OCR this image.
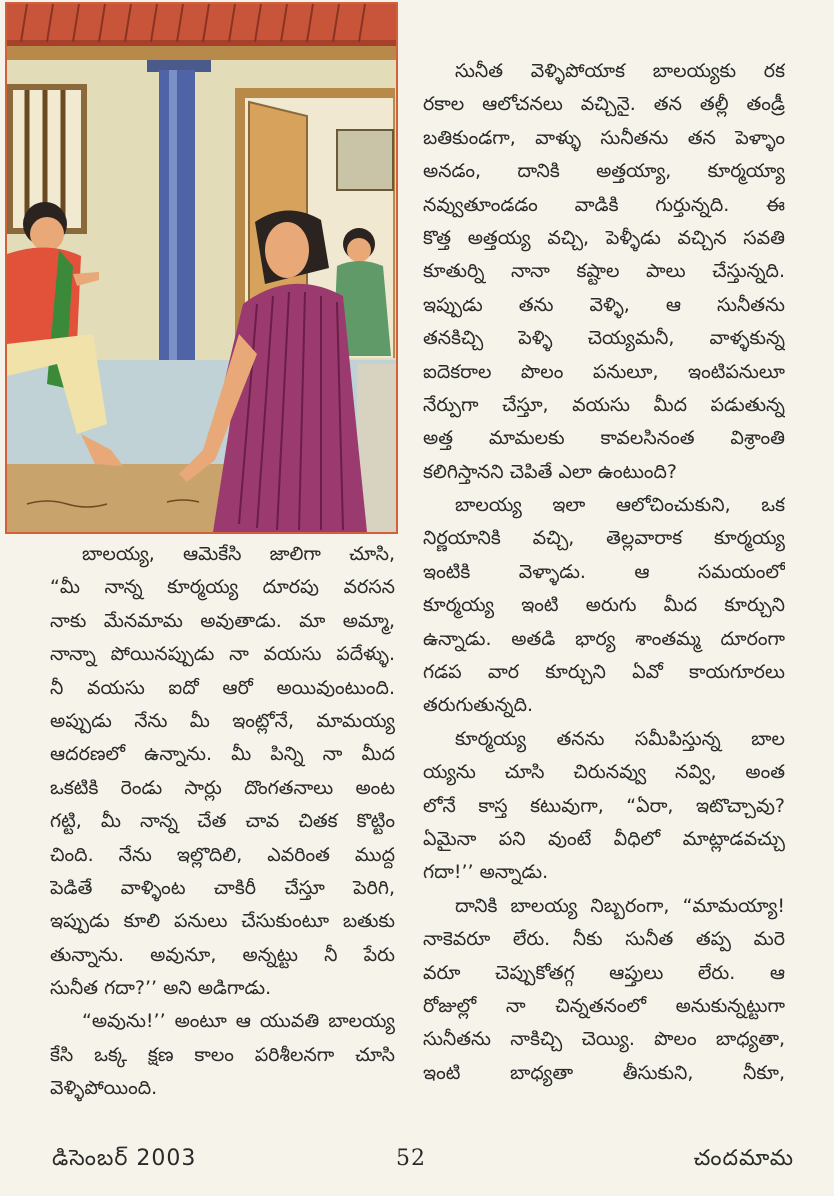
బాలయ్య, ఆమెకేసి జాలిగా చూసి,
“మీ నాన్న కూర్మయ్య దూరపు వరసన
నాకు మేనమామ అవుతాడు. మా అమ్మా,
నాన్నా పోయినప్పుడు నా వయసు పదేళ్ళు.
నీ వయసు ఐదో ఆరో అయివుంటుంది.
అప్పుడు నేను మీ ఇంట్లోనే, మామయ్య
ఆదరణలో ఉన్నాను. మీ పిన్ని నా మీద
ఒకటికి రెండు సార్లు దొంగతనాలు అంట
గట్టి, మీ నాన్న చేత చావ చితక కొట్టిం
చింది. నేను ఇల్లొదిలి, ఎవరింత ముద్ద
పెడితే వాళ్ళింట చాకిరీ చేస్తూ పెరిగి,
ఇప్పుడు కూలి పనులు చేసుకుంటూ బతుకు
తున్నాను. అవునూ, అన్నట్టు నీ పేరు
సునీత గదా?’’ అని అడిగాడు.
“అవును!’’ అంటూ ఆ యువతి బాలయ్య
కేసి ఒక్క క్షణ కాలం పరిశీలనగా చూసి
వెళ్ళిపోయింది.
సునీత వెళ్ళిపోయాక బాలయ్యకు రక
రకాల ఆలోచనలు వచ్చినై. తన తల్లీ తండ్రీ
బతికుండగా, వాళ్ళు సునీతను తన పెళ్ళాం
అనడం, దానికి అత్తయ్యా, కూర్మయ్యా
నవ్వుతూండడం వాడికి గుర్తున్నది. ఈ
కొత్త అత్తయ్య వచ్చి, పెళ్ళీడు వచ్చిన సవతి
కూతుర్ని నానా కష్టాల పాలు చేస్తున్నది.
ఇప్పుడు తను వెళ్ళి, ఆ సునీతను
తనకిచ్చి పెళ్ళి చెయ్యమనీ, వాళ్ళకున్న
ఐదెకరాల పొలం పనులూ, ఇంటిపనులూ
నేర్పుగా చేస్తూ, వయసు మీద పడుతున్న
అత్త మామలకు కావలసినంత విశ్రాంతి
కలిగిస్తానని చెపితే ఎలా ఉంటుంది?
బాలయ్య ఇలా ఆలోచించుకుని, ఒక
నిర్ణయానికి వచ్చి, తెల్లవారాక కూర్మయ్య
ఇంటికి వెళ్ళాడు. ఆ సమయంలో
కూర్మయ్య ఇంటి అరుగు మీద కూర్చుని
ఉన్నాడు. అతడి భార్య శాంతమ్మ దూరంగా
గడప వార కూర్చుని ఏవో కాయగూరలు
తరుగుతున్నది.
కూర్మయ్య తనను సమీపిస్తున్న బాల
య్యను చూసి చిరునవ్వు నవ్వి, అంత
లోనే కాస్త కటువుగా, “ఏరా, ఇటొచ్చావు?
ఏమైనా పని వుంటే వీధిలో మాట్లాడవచ్చు
గదా!’’ అన్నాడు.
దానికి బాలయ్య నిబ్బరంగా, “మామయ్యా!
నాకెవరూ లేరు. నీకు సునీత తప్ప మరె
వరూ చెప్పుకోతగ్గ ఆప్తులు లేరు. ఆ
రోజుల్లో నా చిన్నతనంలో అనుకున్నట్టుగా
సునీతను నాకిచ్చి చెయ్యి. పొలం బాధ్యతా,
ఇంటి బాధ్యతా తీసుకుని, నీకూ,
డిసెంబర్ 2003	52	చందమామ
